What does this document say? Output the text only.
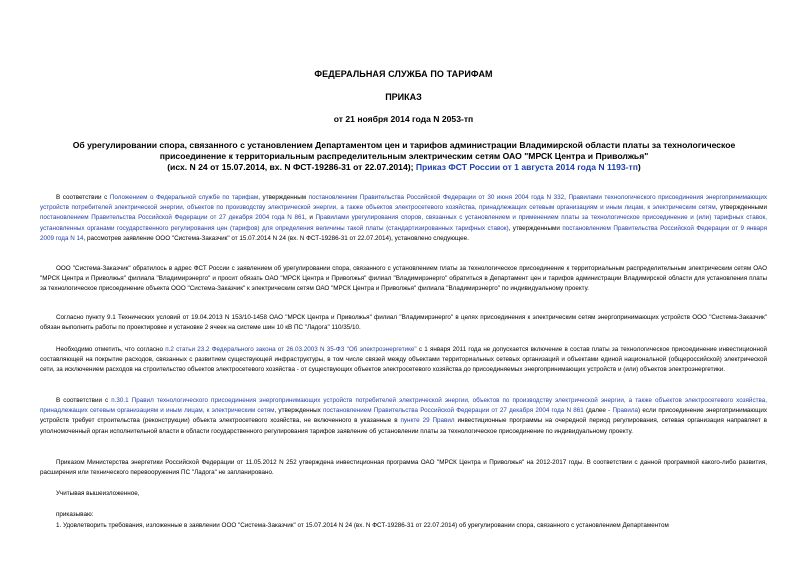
ФЕДЕРАЛЬНАЯ СЛУЖБА ПО ТАРИФАМ
ПРИКАЗ
от 21 ноября 2014 года N 2053-тп
Об урегулировании спора, связанного с установлением Департаментом цен и тарифов администрации Владимирской области платы за технологическое
присоединение к территориальным распределительным электрическим сетям ОАО "МРСК Центра и Приволжья"
(исх. N 24 от 15.07.2014, вх. N ФСТ-19286-31 от 22.07.2014); Приказ ФСТ России от 1 августа 2014 года N 1193-тп)

В соответствии с Положением о Федеральной службе по тарифам, утвержденным постановлением Правительства Российской Федерации от 30 июня 2004 года N 332, Правилами технологического присоединения энергопринимающих устройств потребителей электрической энергии, объектов по производству электрической энергии, а также объектов электросетевого хозяйства, принадлежащих сетевым организациям и иным лицам, к электрическим сетям, утвержденными постановлением Правительства Российской Федерации от 27 декабря 2004 года N 861, и Правилами урегулирования споров, связанных с установлением и применением платы за технологическое присоединение и (или) тарифных ставок, установленных органами государственного регулирования цен (тарифов) для определения величины такой платы (стандартизированных тарифных ставок), утвержденными постановлением Правительства Российской Федерации от 9 января 2009 года N 14, рассмотрев заявление ООО "Система-Заказчик" от 15.07.2014 N 24 (вх. N ФСТ-19286-31 от 22.07.2014), установлено следующее.

ООО "Система-Заказчик" обратилось в адрес ФСТ России с заявлением об урегулировании спора, связанного с установлением платы за технологическое присоединение к территориальным распределительным электрическим сетям ОАО "МРСК Центра и Приволжья" филиала "Владимирэнерго" и просит обязать ОАО "МРСК Центра и Приволжья" филиал "Владимирэнерго" обратиться в Департамент цен и тарифов администрации Владимирской области для установления платы за технологическое присоединение объекта ООО "Система-Заказчик" к электрическим сетям ОАО "МРСК Центра и Приволжья" филиала "Владимирэнерго" по индивидуальному проекту.

Согласно пункту 9.1 Технических условий от 19.04.2013 N 153/10-1458 ОАО "МРСК Центра и Приволжья" филиал "Владимирэнерго" в целях присоединения к электрическим сетям энергопринимающих устройств ООО "Система-Заказчик" обязан выполнить работы по проектировке и установке 2 ячеек на системе шин 10 кВ ПС "Ладога" 110/35/10.

Необходимо отметить, что согласно п.2 статьи 23.2 Федерального закона от 26.03.2003 N 35-ФЗ "Об электроэнергетике" с 1 января 2011 года не допускается включение в состав платы за технологическое присоединение инвестиционной составляющей на покрытие расходов, связанных с развитием существующей инфраструктуры, в том числе связей между объектами территориальных сетевых организаций и объектами единой национальной (общероссийской) электрической сети, за исключением расходов на строительство объектов электросетевого хозяйства - от существующих объектов электросетевого хозяйства до присоединяемых энергопринимающих устройств и (или) объектов электроэнергетики.

В соответствии с п.30.1 Правил технологического присоединения энергопринимающих устройств потребителей электрической энергии, объектов по производству электрической энергии, а также объектов электросетевого хозяйства, принадлежащих сетевым организациям и иным лицам, к электрическим сетям, утвержденных постановлением Правительства Российской Федерации от 27 декабря 2004 года N 861 (далее - Правила) если присоединение энергопринимающих устройств требует строительства (реконструкции) объекта электросетевого хозяйства, не включенного в указанные в пункте 29 Правил инвестиционные программы на очередной период регулирования, сетевая организация направляет в уполномоченный орган исполнительной власти в области государственного регулирования тарифов заявление об установлении платы за технологическое присоединение по индивидуальному проекту.

Приказом Министерства энергетики Российской Федерации от 11.05.2012 N 252 утверждена инвестиционная программа ОАО "МРСК Центра и Приволжья" на 2012-2017 годы. В соответствии с данной программой какого-либо развития, расширения или технического перевооружения ПС "Ладога" не запланировано.

Учитывая вышеизложенное,

приказываю:

1. Удовлетворить требования, изложенные в заявлении ООО "Система-Заказчик" от 15.07.2014 N 24 (вх. N ФСТ-19286-31 от 22.07.2014) об урегулировании спора, связанного с установлением Департаментом
